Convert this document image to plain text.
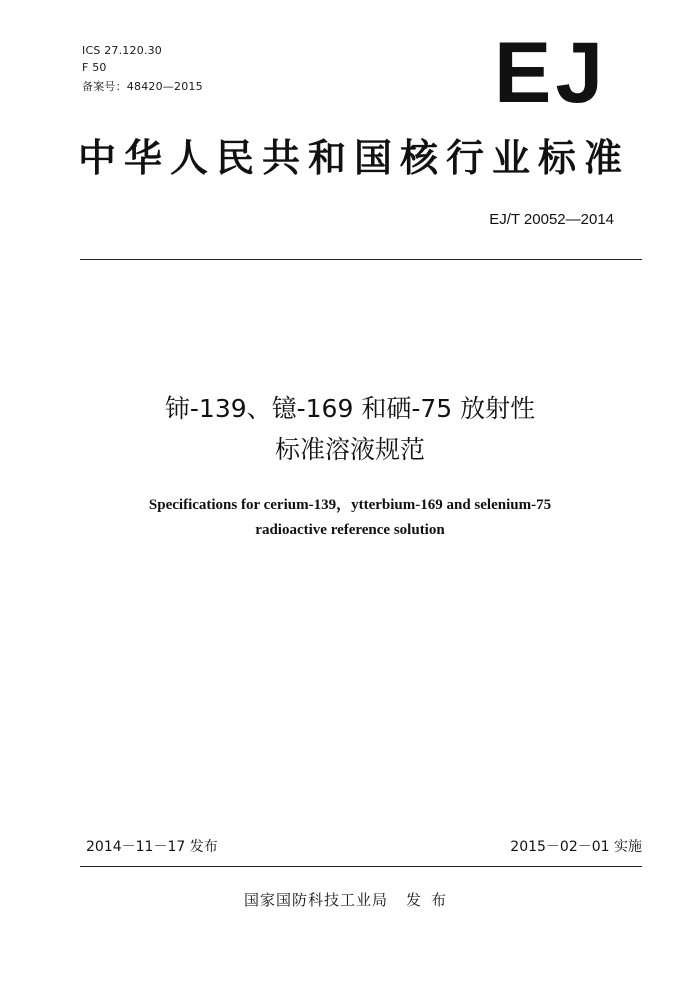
ICS 27.120.30
F 50
备案号：48420—2015	EJ
中华人民共和国核行业标准
EJ/T 20052—2014
铈-139、镱-169 和硒-75 放射性
标准溶液规范
Specifications for cerium-139，ytterbium-169 and selenium-75
radioactive reference solution
2014－11－17 发布	2015－02－01 实施
国家国防科技工业局 发布
